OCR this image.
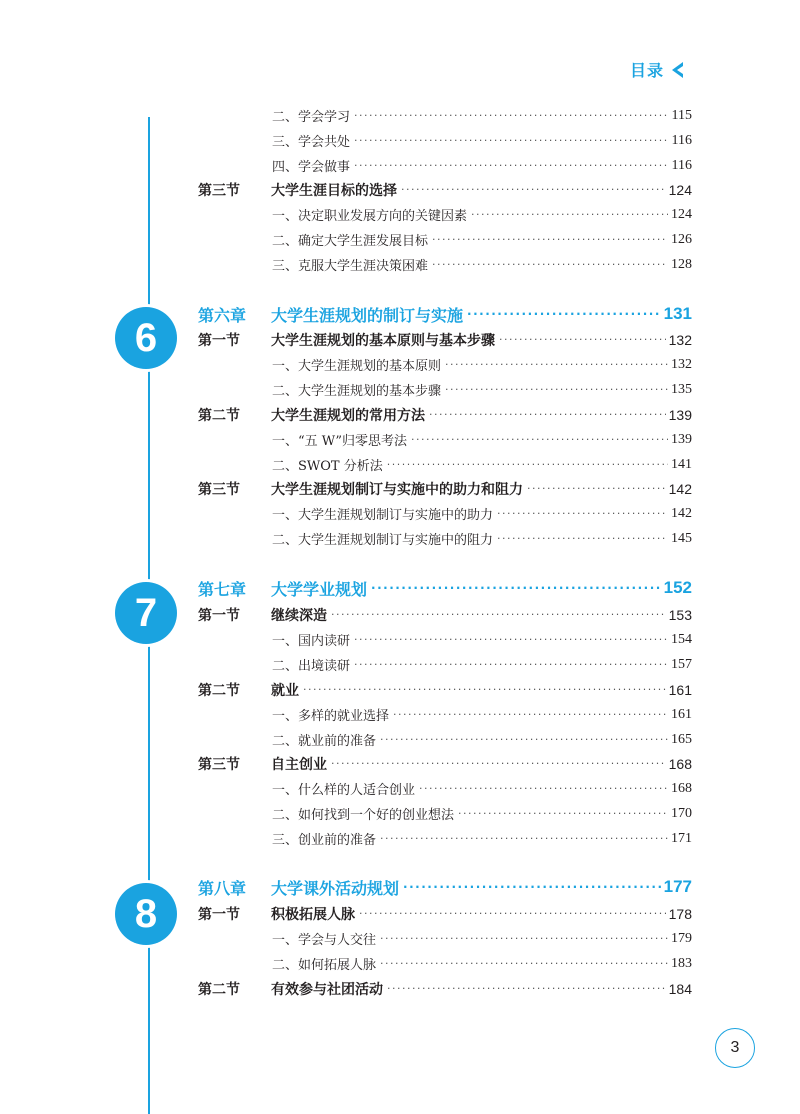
目录
6
7
8
3
二、学会学习 ·····	115
三、学会共处 ·····	116
四、学会做事 ·····	116
第三节	大学生涯目标的选择 ·····	124
一、决定职业发展方向的关键因素 ·····	124
二、确定大学生涯发展目标 ·····	126
三、克服大学生涯决策困难 ·····	128
第六章	大学生涯规划的制订与实施 ·····	131
第一节	大学生涯规划的基本原则与基本步骤 ·····	132
一、大学生涯规划的基本原则 ·····	132
二、大学生涯规划的基本步骤 ·····	135
第二节	大学生涯规划的常用方法 ·····	139
一、“五 W”归零思考法 ·····	139
二、SWOT 分析法 ·····	141
第三节	大学生涯规划制订与实施中的助力和阻力 ·····	142
一、大学生涯规划制订与实施中的助力 ·····	142
二、大学生涯规划制订与实施中的阻力 ·····	145
第七章	大学学业规划 ·····	152
第一节	继续深造 ·····	153
一、国内读研 ·····	154
二、出境读研 ·····	157
第二节	就业 ·····	161
一、多样的就业选择 ·····	161
二、就业前的准备 ·····	165
第三节	自主创业 ·····	168
一、什么样的人适合创业 ·····	168
二、如何找到一个好的创业想法 ·····	170
三、创业前的准备 ·····	171
第八章	大学课外活动规划 ·····	177
第一节	积极拓展人脉 ·····	178
一、学会与人交往 ·····	179
二、如何拓展人脉 ·····	183
第二节	有效参与社团活动 ·····	184
